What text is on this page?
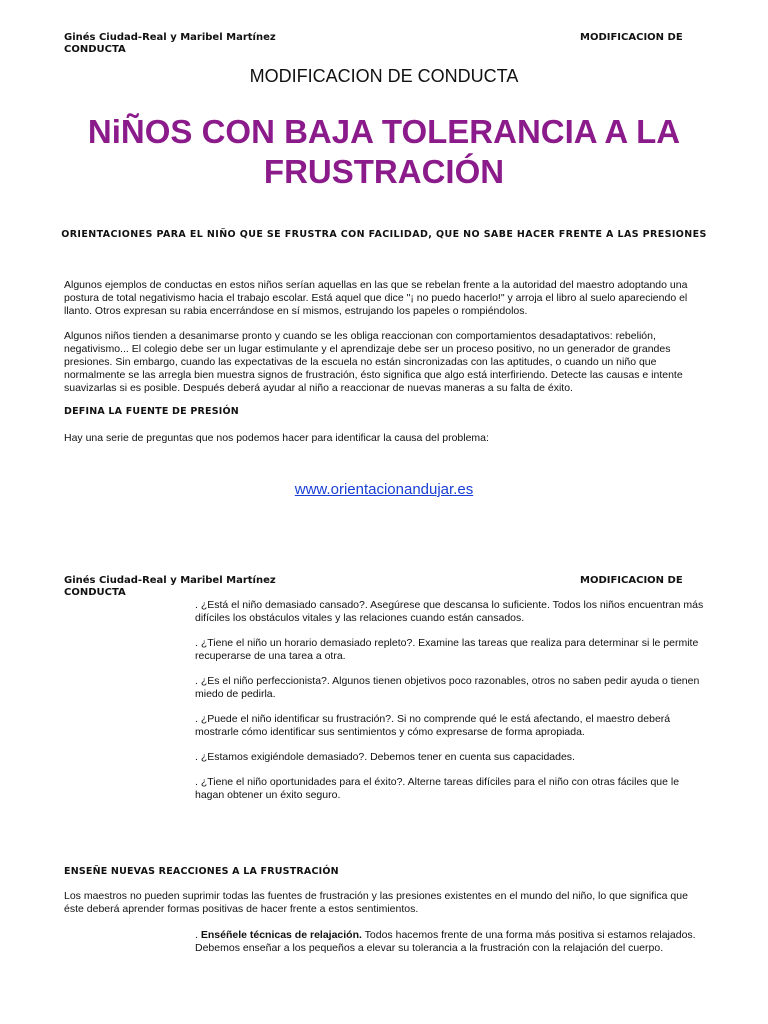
Ginés Ciudad-Real y Maribel Martínez CONDUCTA
MODIFICACION DE
MODIFICACION DE CONDUCTA
NiÑOS CON BAJA TOLERANCIA A LA FRUSTRACIÓN
ORIENTACIONES PARA EL NIÑO QUE SE FRUSTRA CON FACILIDAD, QUE NO SABE HACER FRENTE A LAS PRESIONES
Algunos ejemplos de conductas en estos niños serían aquellas en las que se rebelan frente a la autoridad del maestro adoptando una postura de total negativismo hacia el trabajo escolar. Está aquel que dice "¡ no puedo hacerlo!" y arroja el libro al suelo apareciendo el llanto. Otros expresan su rabia encerrándose en sí mismos, estrujando los papeles o rompiéndolos.
Algunos niños tienden a desanimarse pronto y cuando se les obliga reaccionan con comportamientos desadaptativos: rebelión, negativismo... El colegio debe ser un lugar estimulante y el aprendizaje debe ser un proceso positivo, no un generador de grandes presiones. Sin embargo, cuando las expectativas de la escuela no están sincronizadas con las aptitudes, o cuando un niño que normalmente se las arregla bien muestra signos de frustración, ésto significa que algo está interfiriendo. Detecte las causas e intente suavizarlas si es posible. Después deberá ayudar al niño a reaccionar de nuevas maneras a su falta de éxito.
DEFINA LA FUENTE DE PRESIÓN
Hay una serie de preguntas que nos podemos hacer para identificar la causa del problema:
www.orientacionandujar.es
Ginés Ciudad-Real y Maribel Martínez CONDUCTA
MODIFICACION DE
. ¿Está el niño demasiado cansado?. Asegúrese que descansa lo suficiente. Todos los niños encuentran más difíciles los obstáculos vitales y las relaciones cuando están cansados.
. ¿Tiene el niño un horario demasiado repleto?. Examine las tareas que realiza para determinar si le permite recuperarse de una tarea a otra.
. ¿Es el niño perfeccionista?. Algunos tienen objetivos poco razonables, otros no saben pedir ayuda o tienen miedo de pedirla.
. ¿Puede el niño identificar su frustración?. Si no comprende qué le está afectando, el maestro deberá mostrarle cómo identificar sus sentimientos y cómo expresarse de forma apropiada.
. ¿Estamos exigiéndole demasiado?. Debemos tener en cuenta sus capacidades.
. ¿Tiene el niño oportunidades para el éxito?. Alterne tareas difíciles para el niño con otras fáciles que le hagan obtener un éxito seguro.
ENSEÑE NUEVAS REACCIONES A LA FRUSTRACIÓN
Los maestros no pueden suprimir todas las fuentes de frustración y las presiones existentes en el mundo del niño, lo que significa que éste deberá aprender formas positivas de hacer frente a estos sentimientos.
. Enséñele técnicas de relajación. Todos hacemos frente de una forma más positiva si estamos relajados. Debemos enseñar a los pequeños a elevar su tolerancia a la frustración con la relajación del cuerpo.
